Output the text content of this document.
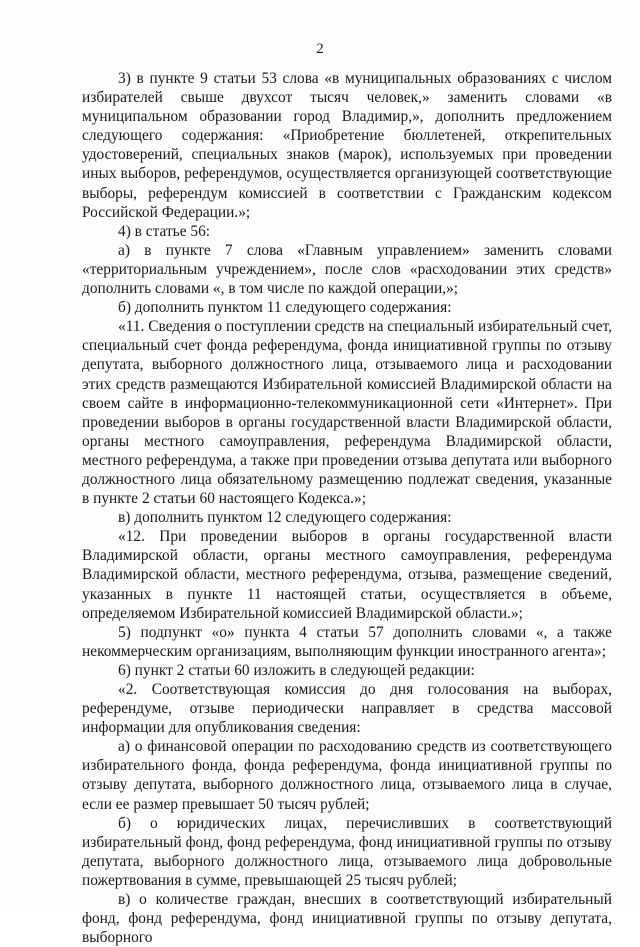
2

3) в пункте 9 статьи 53 слова «в муниципальных образованиях с числом избирателей свыше двухсот тысяч человек,» заменить словами «в муниципальном образовании город Владимир,», дополнить предложением следующего содержания: «Приобретение бюллетеней, открепительных удостоверений, специальных знаков (марок), используемых при проведении иных выборов, референдумов, осуществляется организующей соответствующие выборы, референдум комиссией в соответствии с Гражданским кодексом Российской Федерации.»;

4) в статье 56:

а) в пункте 7 слова «Главным управлением» заменить словами «территориальным учреждением», после слов «расходовании этих средств» дополнить словами «, в том числе по каждой операции,»;

б) дополнить пунктом 11 следующего содержания:

«11. Сведения о поступлении средств на специальный избирательный счет, специальный счет фонда референдума, фонда инициативной группы по отзыву депутата, выборного должностного лица, отзываемого лица и расходовании этих средств размещаются Избирательной комиссией Владимирской области на своем сайте в информационно-телекоммуникационной сети «Интернет». При проведении выборов в органы государственной власти Владимирской области, органы местного самоуправления, референдума Владимирской области, местного референдума, а также при проведении отзыва депутата или выборного должностного лица обязательному размещению подлежат сведения, указанные в пункте 2 статьи 60 настоящего Кодекса.»;

в) дополнить пунктом 12 следующего содержания:

«12. При проведении выборов в органы государственной власти Владимирской области, органы местного самоуправления, референдума Владимирской области, местного референдума, отзыва, размещение сведений, указанных в пункте 11 настоящей статьи, осуществляется в объеме, определяемом Избирательной комиссией Владимирской области.»;

5) подпункт «о» пункта 4 статьи 57 дополнить словами «, а также некоммерческим организациям, выполняющим функции иностранного агента»;

6) пункт 2 статьи 60 изложить в следующей редакции:

«2. Соответствующая комиссия до дня голосования на выборах, референдуме, отзыве периодически направляет в средства массовой информации для опубликования сведения:

а) о финансовой операции по расходованию средств из соответствующего избирательного фонда, фонда референдума, фонда инициативной группы по отзыву депутата, выборного должностного лица, отзываемого лица в случае, если ее размер превышает 50 тысяч рублей;

б) о юридических лицах, перечисливших в соответствующий избирательный фонд, фонд референдума, фонд инициативной группы по отзыву депутата, выборного должностного лица, отзываемого лица добровольные пожертвования в сумме, превышающей 25 тысяч рублей;

в) о количестве граждан, внесших в соответствующий избирательный фонд, фонд референдума, фонд инициативной группы по отзыву депутата, выборного
